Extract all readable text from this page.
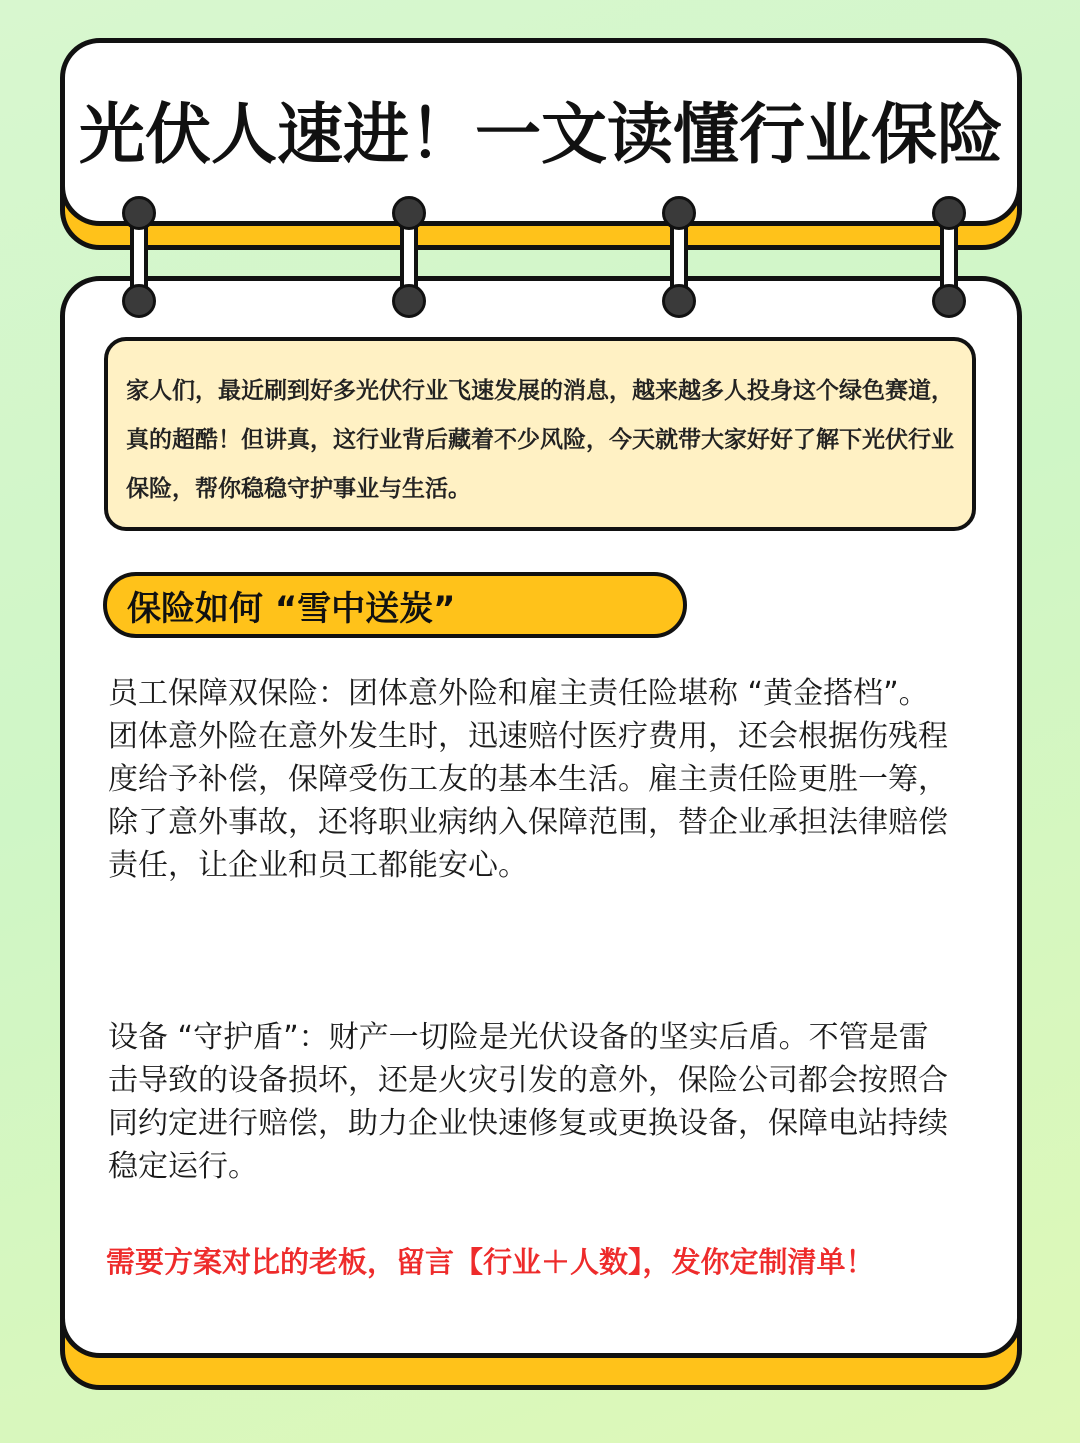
光伏人速进！一文读懂行业保险

家人们，最近刷到好多光伏行业飞速发展的消息，越来越多人投身这个绿色赛道，真的超酷！但讲真，这行业背后藏着不少风险，今天就带大家好好了解下光伏行业保险，帮你稳稳守护事业与生活。

保险如何 “雪中送炭”

员工保障双保险：团体意外险和雇主责任险堪称 “黄金搭档”。团体意外险在意外发生时，迅速赔付医疗费用，还会根据伤残程度给予补偿，保障受伤工友的基本生活。雇主责任险更胜一筹，除了意外事故，还将职业病纳入保障范围，替企业承担法律赔偿责任，让企业和员工都能安心。

设备 “守护盾”：财产一切险是光伏设备的坚实后盾。不管是雷击导致的设备损坏，还是火灾引发的意外，保险公司都会按照合同约定进行赔偿，助力企业快速修复或更换设备，保障电站持续稳定运行。

需要方案对比的老板，留言【行业＋人数】，发你定制清单！
